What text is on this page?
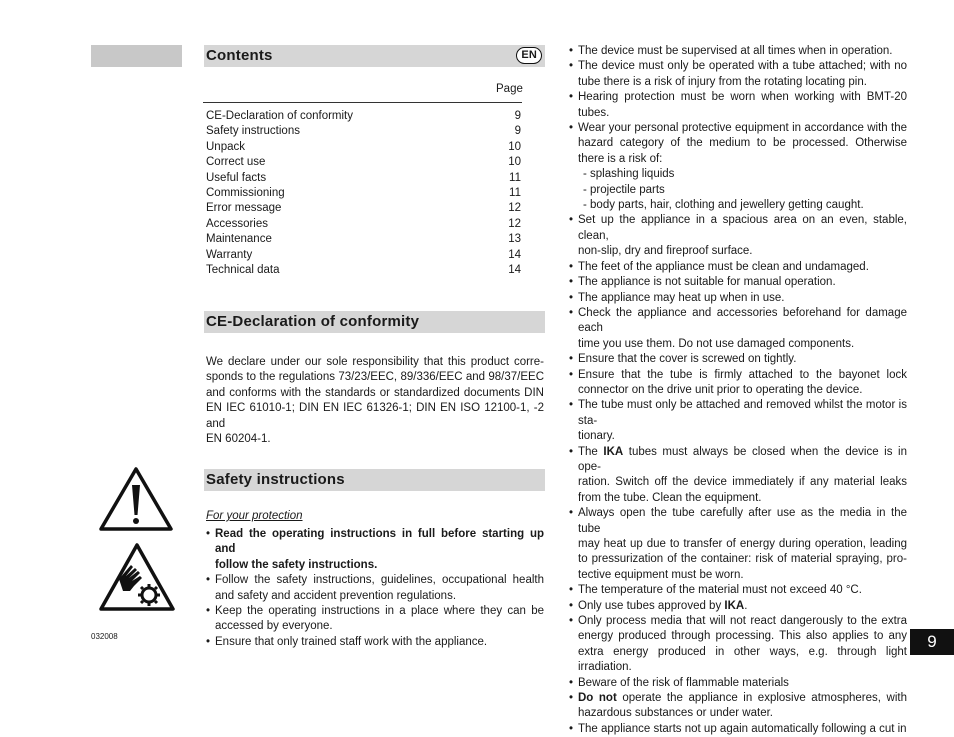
Contents	EN
Page
CE-Declaration of conformity	9
Safety instructions	9
Unpack	10
Correct use	10
Useful facts	11
Commissioning	11
Error message	12
Accessories	12
Maintenance	13
Warranty	14
Technical data	14
CE-Declaration of conformity
We declare under our sole responsibility that this product corre-
sponds to the regulations 73/23/EEC, 89/336/EEC and 98/37/EEC
and conforms with the standards or standardized documents DIN
EN IEC 61010-1; DIN EN IEC 61326-1; DIN EN ISO 12100-1, -2 and
EN 60204-1.
Safety instructions
For your protection
• Read the operating instructions in full before starting up and
follow the safety instructions.
• Follow the safety instructions, guidelines, occupational health
and safety and accident prevention regulations.
• Keep the operating instructions in a place where they can be
accessed by everyone.
• Ensure that only trained staff work with the appliance.
• The device must be supervised at all times when in operation.
• The device must only be operated with a tube attached; with no
tube there is a risk of injury from the rotating locating pin.
• Hearing protection must be worn when working with BMT-20 tubes.
• Wear your personal protective equipment in accordance with the
hazard category of the medium to be processed. Otherwise
there is a risk of:
- splashing liquids
- projectile parts
- body parts, hair, clothing and jewellery getting caught.
• Set up the appliance in a spacious area on an even, stable, clean,
non-slip, dry and fireproof surface.
• The feet of the appliance must be clean and undamaged.
• The appliance is not suitable for manual operation.
• The appliance may heat up when in use.
• Check the appliance and accessories beforehand for damage each
time you use them. Do not use damaged components.
• Ensure that the cover is screwed on tightly.
• Ensure that the tube is firmly attached to the bayonet lock
connector on the drive unit prior to operating the device.
• The tube must only be attached and removed whilst the motor is sta-
tionary.
• The IKA tubes must always be closed when the device is in ope-
ration. Switch off the device immediately if any material leaks
from the tube. Clean the equipment.
• Always open the tube carefully after use as the media in the tube
may heat up due to transfer of energy during operation, leading
to pressurization of the container: risk of material spraying, pro-
tective equipment must be worn.
• The temperature of the material must not exceed 40 °C.
• Only use tubes approved by IKA.
• Only process media that will not react dangerously to the extra
energy produced through processing. This also applies to any
extra energy produced in other ways, e.g. through light irradiation.
• Beware of the risk of flammable materials
• Do not operate the appliance in explosive atmospheres, with
hazardous substances or under water.
• The appliance starts not up again automatically following a cut in
032008	9
